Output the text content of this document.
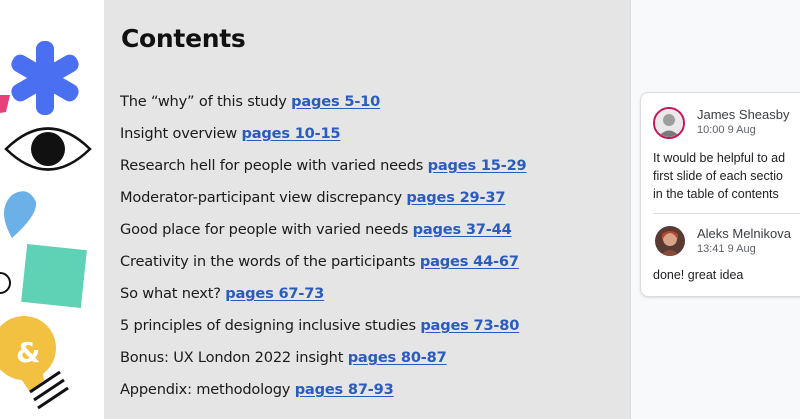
&
Contents
The “why” of this study pages 5-10
Insight overview pages 10-15
Research hell for people with varied needs pages 15-29
Moderator-participant view discrepancy pages 29-37
Good place for people with varied needs pages 37-44
Creativity in the words of the participants pages 44-67
So what next? pages 67-73
5 principles of designing inclusive studies pages 73-80
Bonus: UX London 2022 insight pages 80-87
Appendix: methodology pages 87-93
James Sheasby
10:00 9 Aug
It would be helpful to ad
first slide of each sectio
in the table of contents
Aleks Melnikova
13:41 9 Aug
done! great idea
